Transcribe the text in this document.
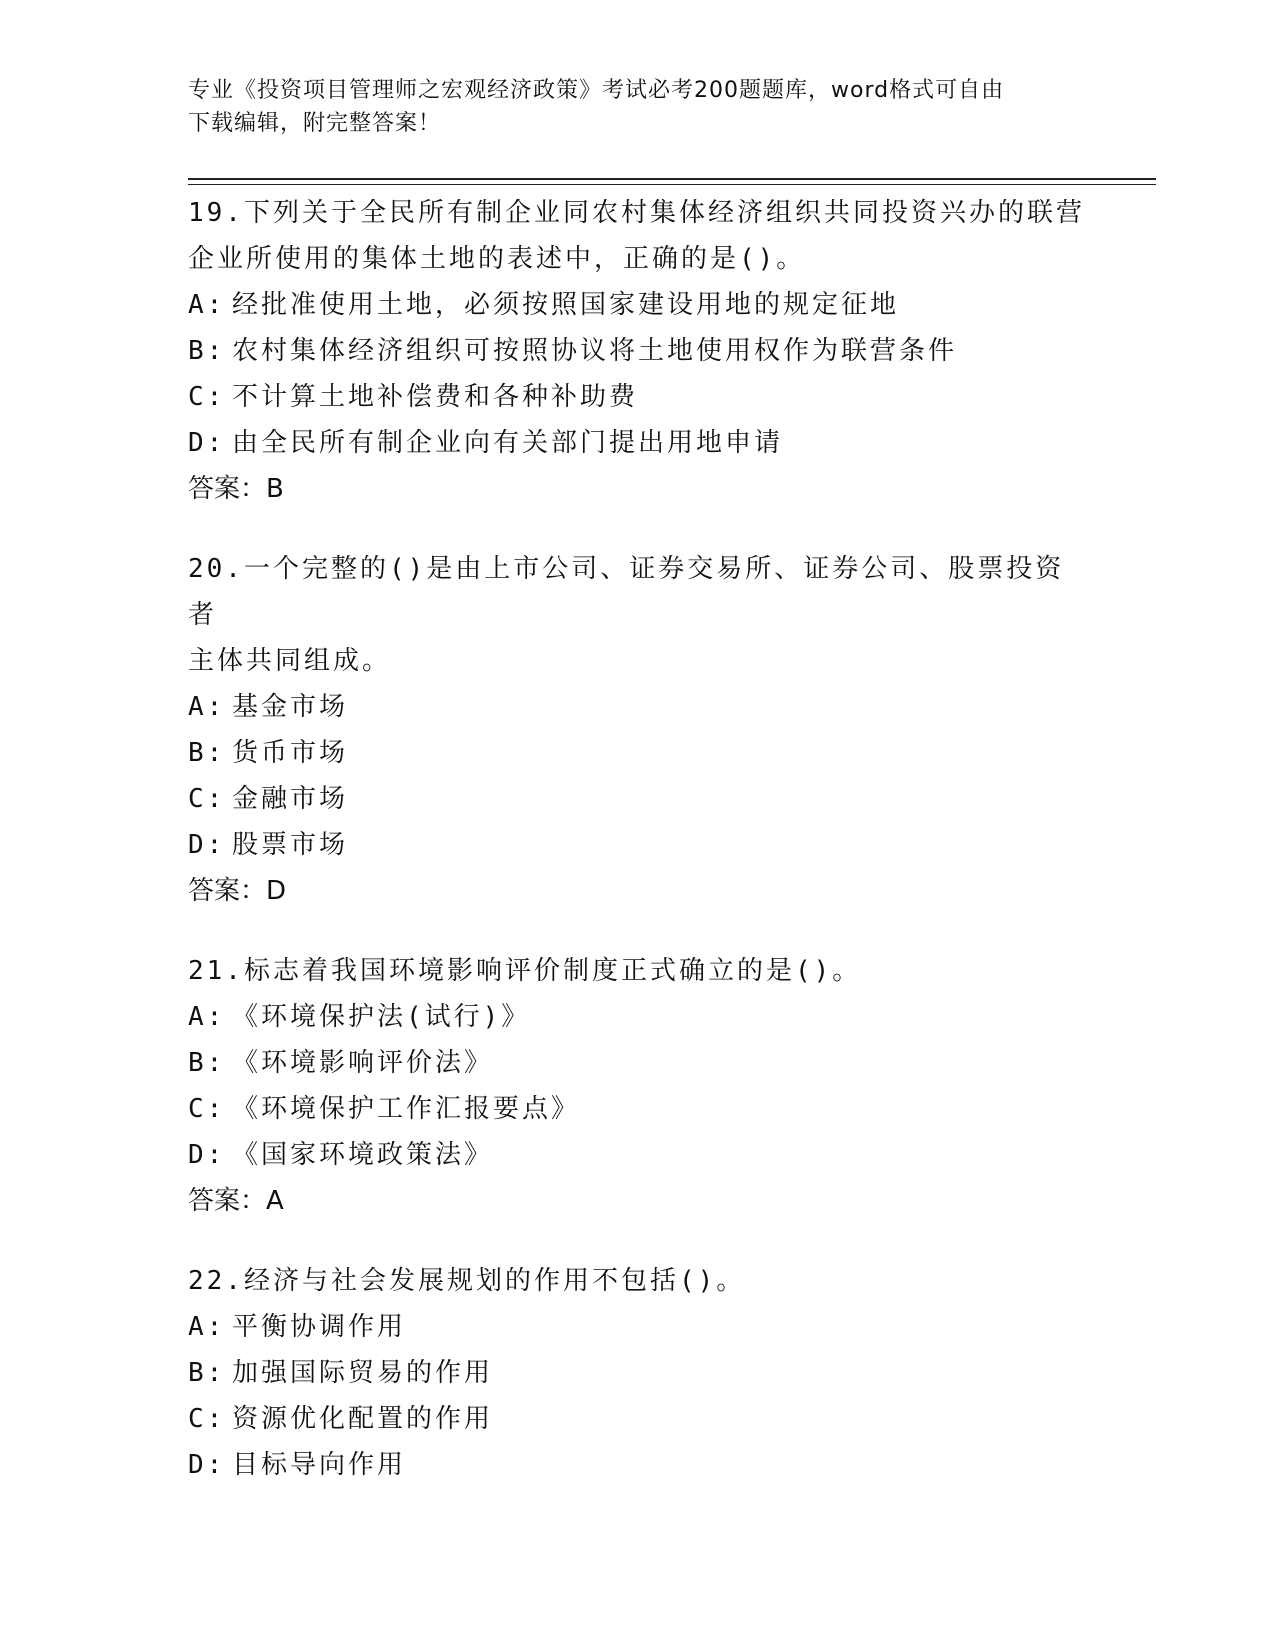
专业《投资项目管理师之宏观经济政策》考试必考200题题库，word格式可自由
下载编辑，附完整答案！

19.下列关于全民所有制企业同农村集体经济组织共同投资兴办的联营
企业所使用的集体土地的表述中，正确的是()。

A: 经批准使用土地，必须按照国家建设用地的规定征地

B: 农村集体经济组织可按照协议将土地使用权作为联营条件

C: 不计算土地补偿费和各种补助费

D: 由全民所有制企业向有关部门提出用地申请

答案：B

20.一个完整的()是由上市公司、证券交易所、证券公司、股票投资者
主体共同组成。

A: 基金市场

B: 货币市场

C: 金融市场

D: 股票市场

答案：D

21.标志着我国环境影响评价制度正式确立的是()。

A: 《环境保护法(试行)》

B: 《环境影响评价法》

C: 《环境保护工作汇报要点》

D: 《国家环境政策法》

答案：A

22.经济与社会发展规划的作用不包括()。

A: 平衡协调作用

B: 加强国际贸易的作用

C: 资源优化配置的作用

D: 目标导向作用
